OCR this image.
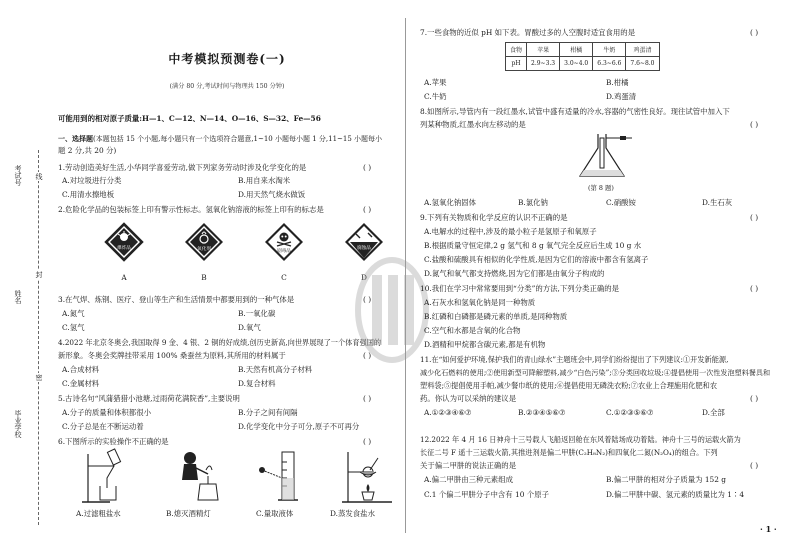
考试号
姓名
毕业学校
线
封
密
中考模拟预测卷(一)
(满分 80 分,考试时间与物理共 150 分钟)
可能用到的相对原子质量:H—1、C—12、N—14、O—16、S—32、Fe—56
一、选择题(本题包括 15 个小题,每小题只有一个选项符合题意,1~10 小题每小题 1 分,11~15 小题每小
题 2 分,共 20 分)
1.劳动创造美好生活,小华同学喜爱劳动,做下列家务劳动时涉及化学变化的是	( )
A.对垃圾进行分类	B.用自来水淘米
C.用清水擦地板	D.用天然气烧水做饭
2.危险化学品的包装标签上印有警示性标志。氢氧化钠溶液的标签上印有的标志是	( )
爆炸品	氧化剂	剧毒品
腐蚀品
A	B	C	D
3.在气焊、炼钢、医疗、登山等生产和生活情景中都要用到的一种气体是	( )
A.氮气	B.一氧化碳
C.氢气	D.氧气
4.2022 年北京冬奥会,我国取得 9 金、4 银、2 铜的好成绩,创历史新高,向世界展现了一个体育强国的
新形象。冬奥会奖牌挂带采用 100% 桑蚕丝为原料,其所用的材料属于	( )
A.合成材料	B.天然有机高分子材料
C.金属材料	D.复合材料
5.古诗名句“风蒲猎猎小池塘,过雨荷花满院香”,主要说明	( )
A.分子的质量和体积都很小	B.分子之间有间隔
C.分子总是在不断运动着	D.化学变化中分子可分,原子不可再分
6.下图所示的实验操作不正确的是	( )
A.过滤粗盐水	B.熄灭酒精灯	C.量取液体	D.蒸发食盐水
7.一些食物的近似 pH 如下表。胃酸过多的人空腹时适宜食用的是	( )
食物	苹果	柑橘	牛奶	鸡蛋清
pH	2.9~3.3	3.0~4.0	6.3~6.6	7.6~8.0
A.苹果	B.柑橘
C.牛奶	D.鸡蛋清
8.如图所示,导管内有一段红墨水,试管中盛有适量的冷水,容器的气密性良好。现往试管中加入下
列某种物质,红墨水向左移动的是	( )
(第 8 题)
A.氢氧化钠固体	B.氯化钠	C.硝酸铵	D.生石灰
9.下列有关物质和化学反应的认识不正确的是	( )
A.电解水的过程中,涉及的最小粒子是氢原子和氧原子
B.根据质量守恒定律,2 g 氢气和 8 g 氧气完全反应后生成 10 g 水
C.盐酸和硫酸具有相似的化学性质,是因为它们的溶液中都含有氢离子
D.氮气和氧气都支持燃烧,因为它们都是由氧分子构成的
10.我们在学习中常常要用到“分类”的方法,下列分类正确的是	( )
A.石灰水和氢氧化钠是同一种物质
B.红磷和白磷都是磷元素的单质,是同种物质
C.空气和水都是含氧的化合物
D.酒精和甲烷都含碳元素,都是有机物
11.在“如何爱护环境,保护我们的青山绿水”主题班会中,同学们纷纷提出了下列建议:①开发新能源,
减少化石燃料的使用;②使用新型可降解塑料,减少“白色污染”;③分类回收垃圾;④提倡使用一次性发泡塑料餐具和
塑料袋;⑤提倡使用手帕,减少餐巾纸的使用;⑥提倡使用无磷洗衣粉;⑦农业上合理施用化肥和农
药。你认为可以采纳的建议是	( )
A.①②③④⑥⑦	B.②③④⑤⑥⑦	C.①②③⑤⑥⑦	D.全部
12.2022 年 4 月 16 日神舟十三号载人飞船返回舱在东风着陆场成功着陆。神舟十三号的运载火箭为
长征二号 F 遥十三运载火箭,其推进剂是偏二甲肼(C₂H₈N₂)和四氧化二氮(N₂O₄)的组合。下列
关于偏二甲肼的说法正确的是	( )
A.偏二甲肼由三种元素组成	B.偏二甲肼的相对分子质量为 152 g
C.1 个偏二甲肼分子中含有 10 个原子	D.偏二甲肼中碳、氢元素的质量比为 1∶4
· 1 ·
